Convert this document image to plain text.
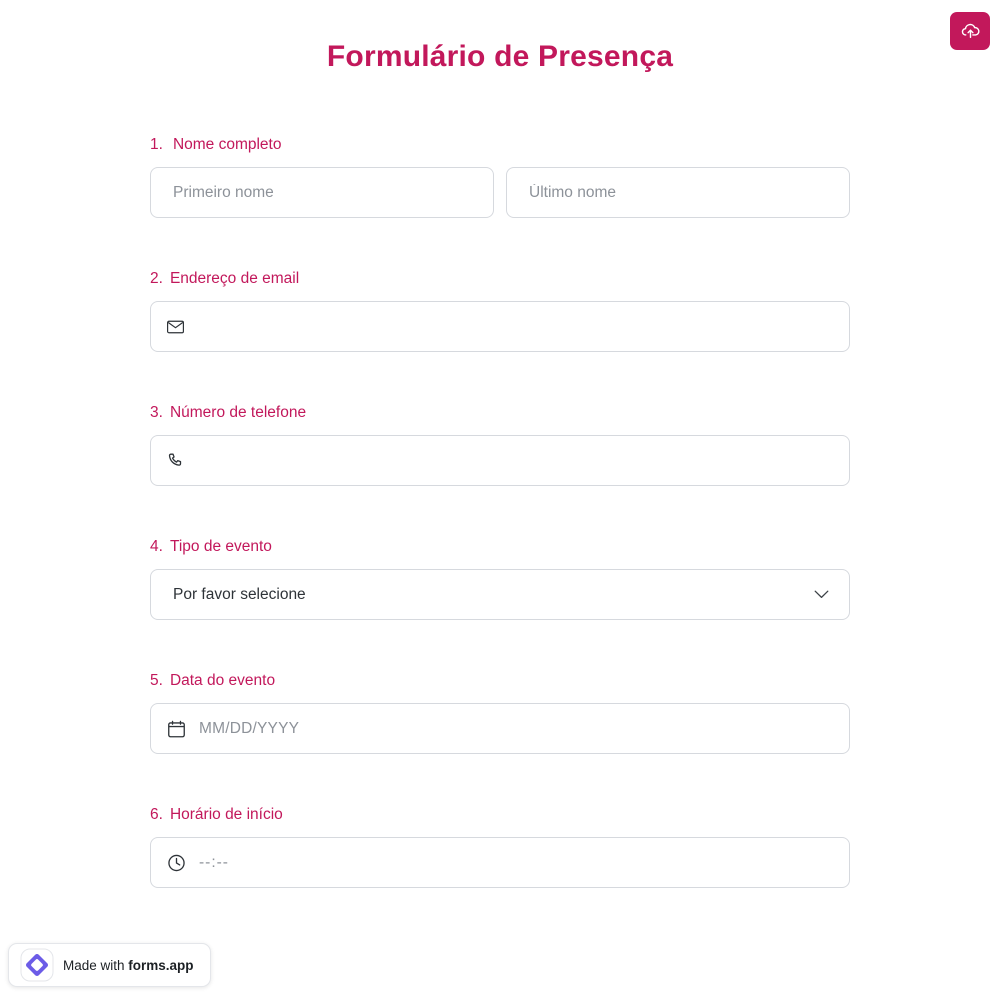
Formulário de Presença
1. Nome completo
Primeiro nome
Último nome
2. Endereço de email
3. Número de telefone
4. Tipo de evento
Por favor selecione
5. Data do evento
MM/DD/YYYY
6. Horário de início
--:--
Made with forms.app
